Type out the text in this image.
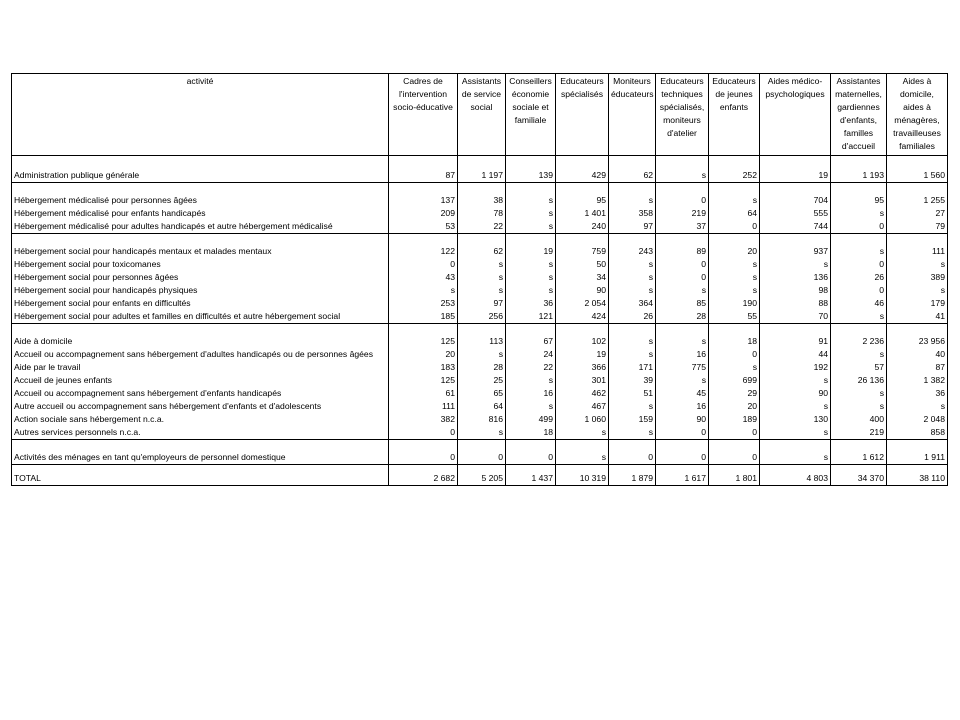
activité	Cadres de l'intervention socio-éducative	Assistants de service social	Conseillers économie sociale et familiale	Educateurs spécialisés	Moniteurs éducateurs	Educateurs techniques spécialisés, moniteurs d'atelier	Educateurs de jeunes enfants	Aides médico-psychologiques	Assistantes maternelles, gardiennes d'enfants, familles d'accueil	Aides à domicile, aides à ménagères, travailleuses familiales

Administration publique générale	87	1 197	139	429	62	s	252	19	1 193	1 560

Hébergement médicalisé pour personnes âgées	137	38	s	95	s	0	s	704	95	1 255
Hébergement médicalisé pour enfants handicapés	209	78	s	1 401	358	219	64	555	s	27
Hébergement médicalisé pour adultes handicapés et autre hébergement médicalisé	53	22	s	240	97	37	0	744	0	79

Hébergement social pour handicapés mentaux et malades mentaux	122	62	19	759	243	89	20	937	s	111
Hébergement social pour toxicomanes	0	s	s	50	s	0	s	s	0	s
Hébergement social pour personnes âgées	43	s	s	34	s	0	s	136	26	389
Hébergement social pour handicapés physiques	s	s	s	90	s	s	s	98	0	s
Hébergement social pour enfants en difficultés	253	97	36	2 054	364	85	190	88	46	179
Hébergement social pour adultes et familles en difficultés et autre hébergement social	185	256	121	424	26	28	55	70	s	41

Aide à domicile	125	113	67	102	s	s	18	91	2 236	23 956
Accueil ou accompagnement sans hébergement d'adultes handicapés ou de personnes âgées	20	s	24	19	s	16	0	44	s	40
Aide par le travail	183	28	22	366	171	775	s	192	57	87
Accueil de jeunes enfants	125	25	s	301	39	s	699	s	26 136	1 382
Accueil ou accompagnement sans hébergement d'enfants handicapés	61	65	16	462	51	45	29	90	s	36
Autre accueil ou accompagnement sans hébergement d'enfants et d'adolescents	111	64	s	467	s	16	20	s	s	s
Action sociale sans hébergement n.c.a.	382	816	499	1 060	159	90	189	130	400	2 048
Autres services personnels n.c.a.	0	s	18	s	s	0	0	s	219	858

Activités des ménages en tant qu'employeurs de personnel domestique	0	0	0	s	0	0	0	s	1 612	1 911
TOTAL	2 682	5 205	1 437	10 319	1 879	1 617	1 801	4 803	34 370	38 110
